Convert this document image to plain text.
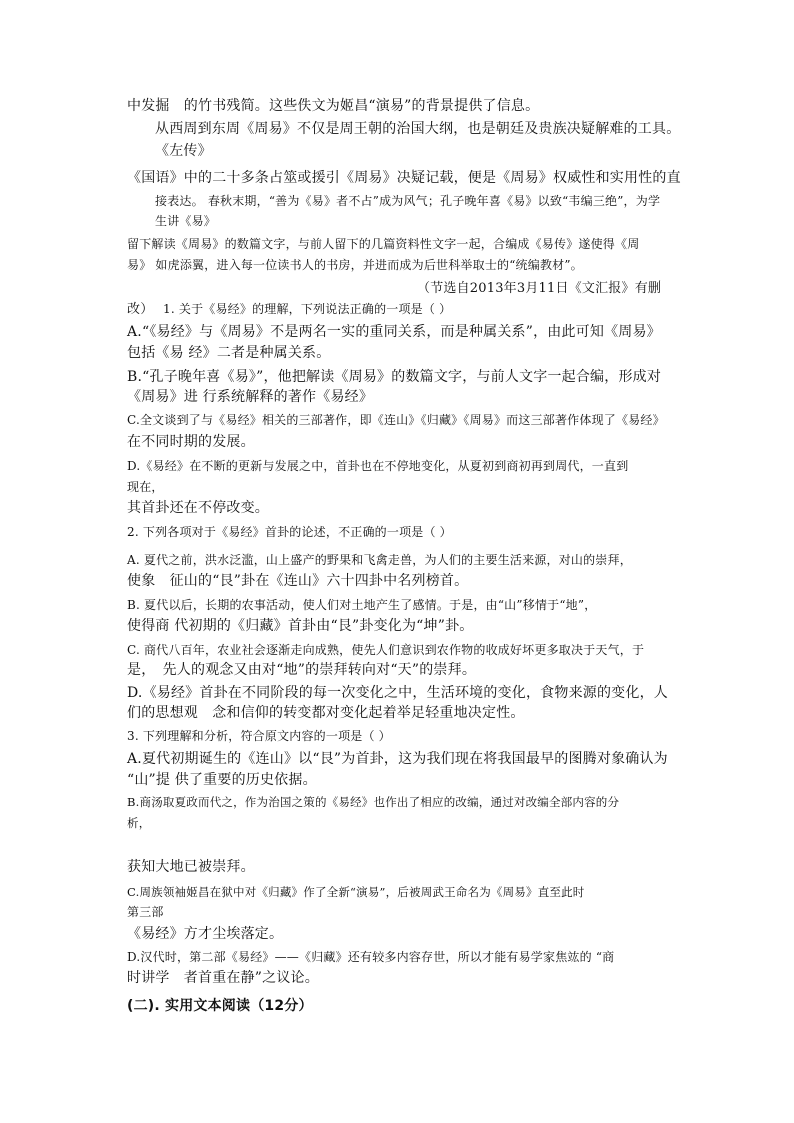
中发掘　的竹书残简。这些佚文为姬昌“演易”的背景提供了信息。
从西周到东周《周易》不仅是周王朝的治国大纲，也是朝廷及贵族决疑解难的工具。
《左传》
《国语》中的二十多条占筮或援引《周易》决疑记载，便是《周易》权威性和实用性的直
接表达。 春秋末期，“善为《易》者不占”成为风气；孔子晚年喜《易》以致“韦编三绝”，为学
生讲《易》
留下解读《周易》的数篇文字，与前人留下的几篇资料性文字一起，合编成《易传》遂使得《周
易》 如虎添翼，进入每一位读书人的书房，并进而成为后世科举取士的“统编教材”。
（节选自2013年3月11日《文汇报》有删
改） 1. 关于《易经》的理解，下列说法正确的一项是（ ）
A.“《易经》与《周易》不是两名一实的重同关系，而是种属关系”，由此可知《周易》
包括《易 经》二者是种属关系。
B.“孔子晚年喜《易》”，他把解读《周易》的数篇文字，与前人文字一起合编，形成对
《周易》进 行系统解释的著作《易经》
C.全文谈到了与《易经》相关的三部著作，即《连山》《归藏》《周易》而这三部著作体现了《易经》
在不同时期的发展。
D.《易经》在不断的更新与发展之中，首卦也在不停地变化，从夏初到商初再到周代，一直到
现在，
其首卦还在不停改变。
2. 下列各项对于《易经》首卦的论述，不正确的一项是（ ）
A. 夏代之前，洪水泛滥，山上盛产的野果和飞禽走兽，为人们的主要生活来源，对山的崇拜，
使象　征山的“艮”卦在《连山》六十四卦中名列榜首。
B. 夏代以后，长期的农事活动，使人们对土地产生了感情。于是，由“山”移情于“地”，
使得商 代初期的《归藏》首卦由“艮”卦变化为“坤”卦。
C. 商代八百年，农业社会逐渐走向成熟，使先人们意识到农作物的收成好坏更多取决于天气，于
是，　先人的观念又由对“地”的崇拜转向对“天”的崇拜。
D.《易经》首卦在不同阶段的每一次变化之中，生活环境的变化，食物来源的变化，人
们的思想观　念和信仰的转变都对变化起着举足轻重地决定性。
3. 下列理解和分析，符合原文内容的一项是（ ）
A.夏代初期诞生的《连山》以“艮”为首卦，这为我们现在将我国最早的图腾对象确认为
“山”提 供了重要的历史依据。
B.商汤取夏政而代之，作为治国之策的《易经》也作出了相应的改编，通过对改编全部内容的分
析，
获知大地已被崇拜。
C.周族领袖姬昌在狱中对《归藏》作了全新“演易”，后被周武王命名为《周易》直至此时
第三部
《易经》方才尘埃落定。
D.汉代时，第二部《易经》——《归藏》还有较多内容存世，所以才能有易学家焦竑的 “商
时讲学　者首重在静”之议论。
(二). 实用文本阅读（12分）
